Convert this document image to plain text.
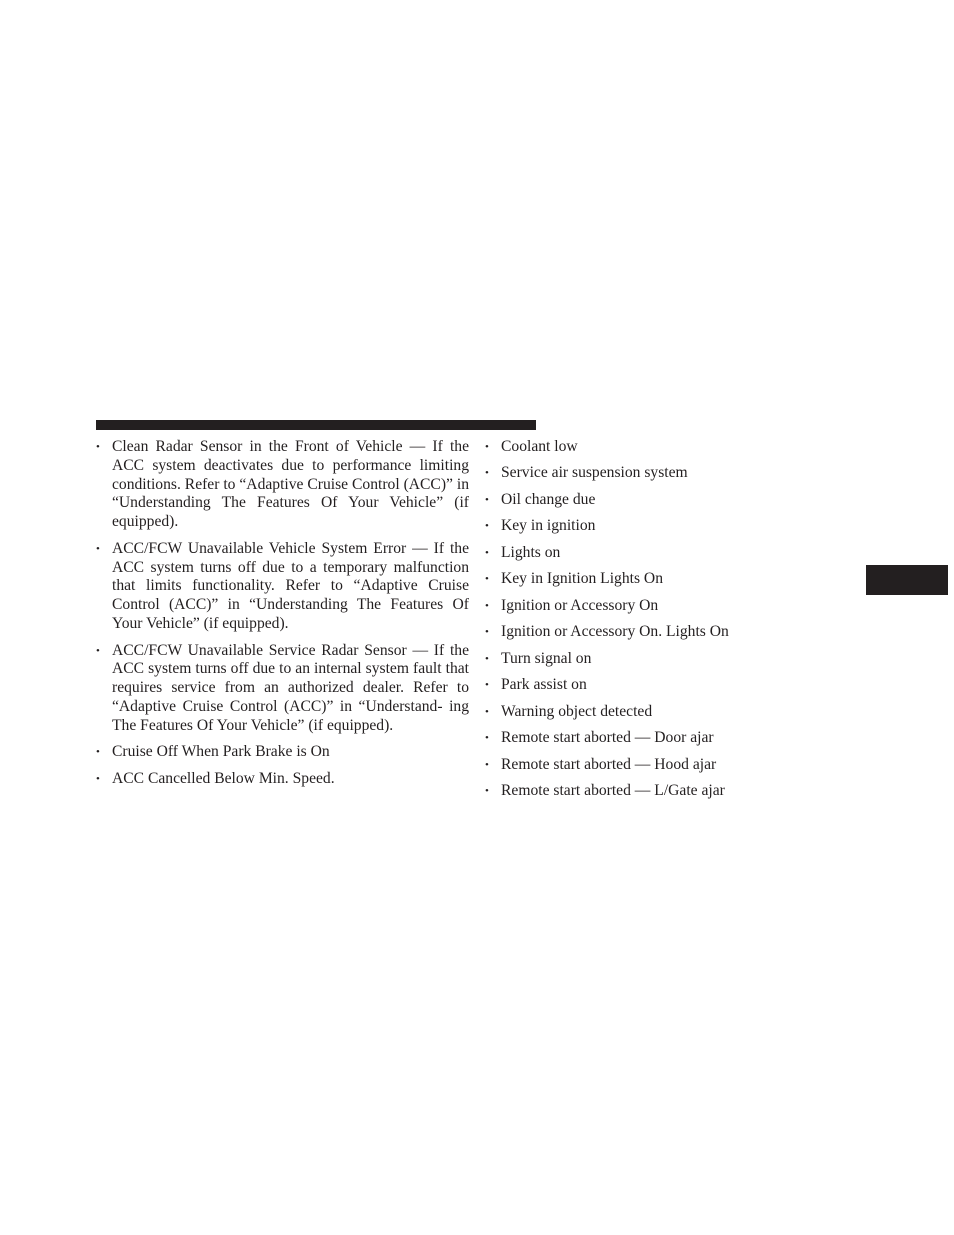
• Clean Radar Sensor in the Front of Vehicle — If the ACC system deactivates due to performance limiting conditions. Refer to “Adaptive Cruise Control (ACC)” in “Understanding The Features Of Your Vehicle” (if equipped).
• ACC/FCW Unavailable Vehicle System Error — If the ACC system turns off due to a temporary malfunction that limits functionality. Refer to “Adaptive Cruise Control (ACC)” in “Understanding The Features Of Your Vehicle” (if equipped).
• ACC/FCW Unavailable Service Radar Sensor — If the ACC system turns off due to an internal system fault that requires service from an authorized dealer. Refer to “Adaptive Cruise Control (ACC)” in “Understand- ing The Features Of Your Vehicle” (if equipped).
• Cruise Off When Park Brake is On
• ACC Cancelled Below Min. Speed.
• Coolant low
• Service air suspension system
• Oil change due
• Key in ignition
• Lights on
• Key in Ignition Lights On
• Ignition or Accessory On
• Ignition or Accessory On. Lights On
• Turn signal on
• Park assist on
• Warning object detected
• Remote start aborted — Door ajar
• Remote start aborted — Hood ajar
• Remote start aborted — L/Gate ajar
